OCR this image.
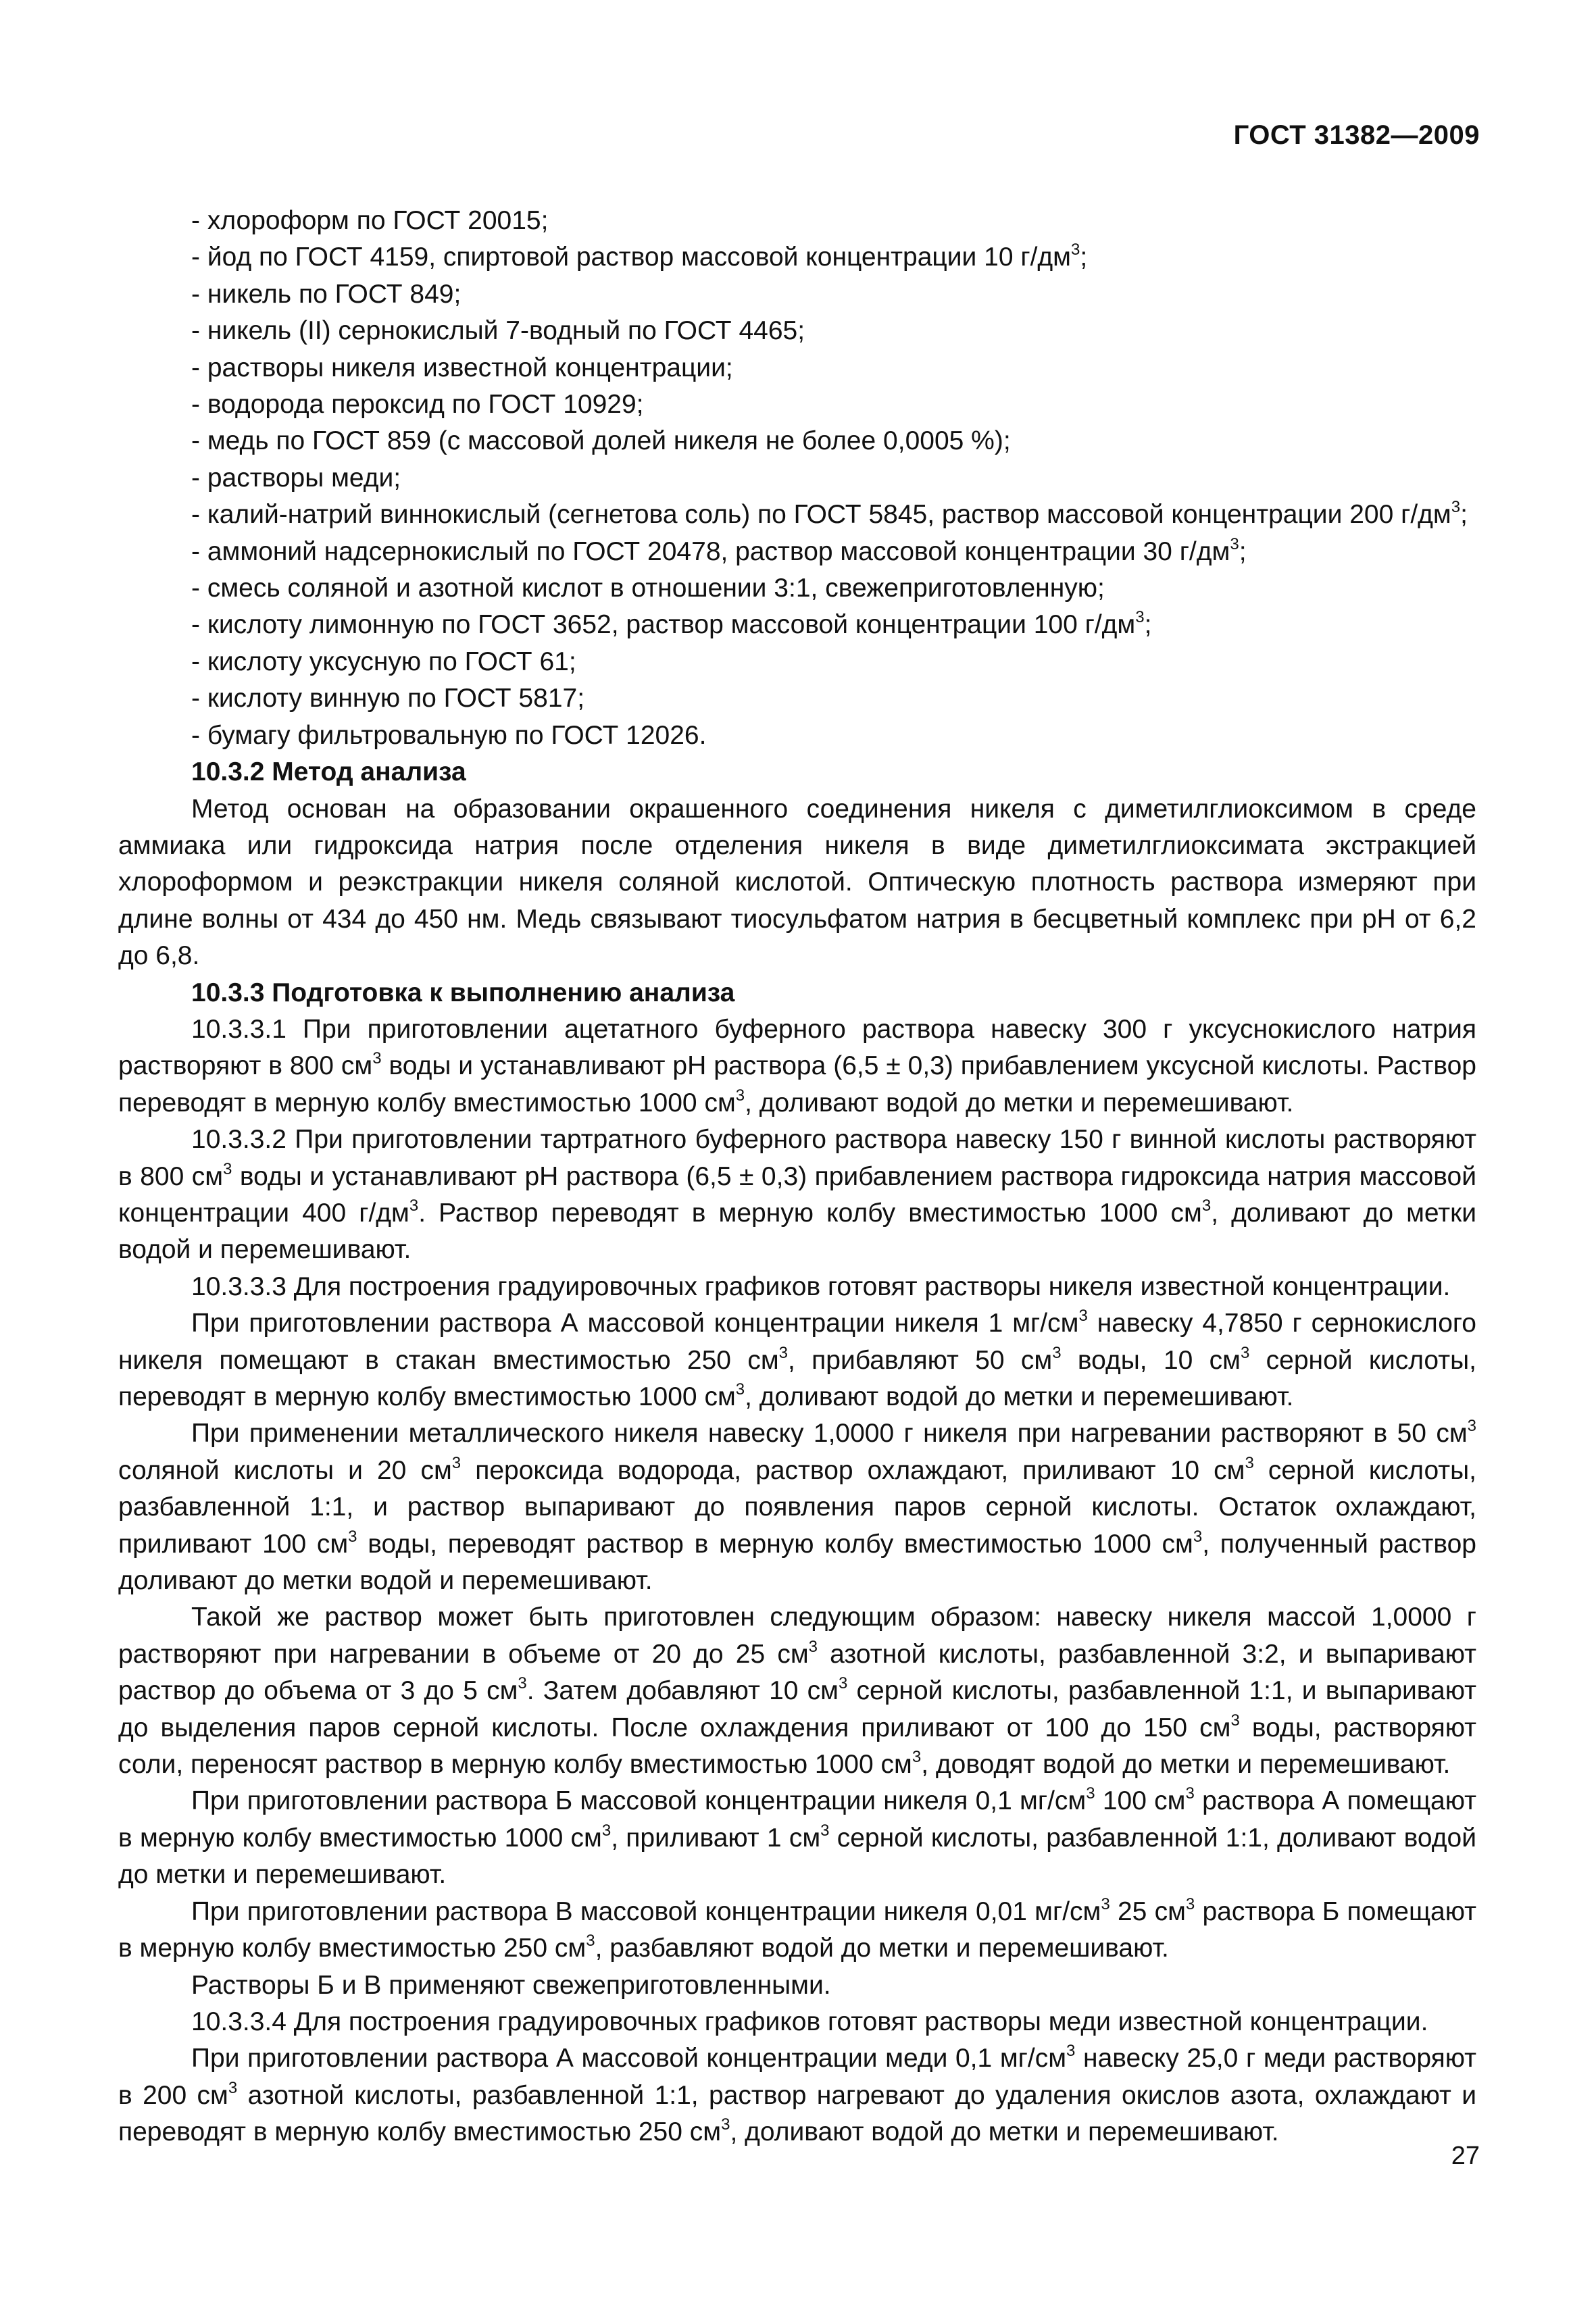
ГОСТ 31382—2009

- хлороформ по ГОСТ 20015;

- йод по ГОСТ 4159, спиртовой раствор массовой концентрации 10 $г/дм^3$;

- никель по ГОСТ 849;

- никель (II) сернокислый 7-водный по ГОСТ 4465;

- растворы никеля известной концентрации;

- водорода пероксид по ГОСТ 10929;

- медь по ГОСТ 859 (с массовой долей никеля не более 0,0005 %);

- растворы меди;

- калий-натрий виннокислый (сегнетова соль) по ГОСТ 5845, раствор массовой концентрации 200 $г/дм^3$;

- аммоний надсернокислый по ГОСТ 20478, раствор массовой концентрации 30 $г/дм^3$;

- смесь соляной и азотной кислот в отношении 3:1, свежеприготовленную;

- кислоту лимонную по ГОСТ 3652, раствор массовой концентрации 100 $г/дм^3$;

- кислоту уксусную по ГОСТ 61;

- кислоту винную по ГОСТ 5817;

- бумагу фильтровальную по ГОСТ 12026.

10.3.2 Метод анализа

Метод основан на образовании окрашенного соединения никеля с диметилглиоксимом в среде аммиака или гидроксида натрия после отделения никеля в виде диметилглиоксимата экстракцией хлороформом и реэкстракции никеля соляной кислотой. Оптическую плотность раствора измеряют при длине волны от 434 до 450 нм. Медь связывают тиосульфатом натрия в бесцветный комплекс при рН от 6,2 до 6,8.

10.3.3 Подготовка к выполнению анализа

10.3.3.1 При приготовлении ацетатного буферного раствора навеску 300 г уксуснокислого натрия растворяют в 800 $см^3$ воды и устанавливают рН раствора (6,5 ± 0,3) прибавлением уксусной кислоты. Раствор переводят в мерную колбу вместимостью 1000 $см^3$, доливают водой до метки и перемешивают.

10.3.3.2 При приготовлении тартратного буферного раствора навеску 150 г винной кислоты растворяют в 800 $см^3$ воды и устанавливают рН раствора (6,5 ± 0,3) прибавлением раствора гидроксида натрия массовой концентрации 400 $г/дм^3$. Раствор переводят в мерную колбу вместимостью 1000 $см^3$, доливают до метки водой и перемешивают.

10.3.3.3 Для построения градуировочных графиков готовят растворы никеля известной концентрации.

При приготовлении раствора А массовой концентрации никеля 1 $мг/см^3$ навеску 4,7850 г сернокислого никеля помещают в стакан вместимостью 250 $см^3$, прибавляют 50 $см^3$ воды, 10 $см^3$ серной кислоты, переводят в мерную колбу вместимостью 1000 $см^3$, доливают водой до метки и перемешивают.

При применении металлического никеля навеску 1,0000 г никеля при нагревании растворяют в 50 $см^3$ соляной кислоты и 20 $см^3$ пероксида водорода, раствор охлаждают, приливают 10 $см^3$ серной кислоты, разбавленной 1:1, и раствор выпаривают до появления паров серной кислоты. Остаток охлаждают, приливают 100 $см^3$ воды, переводят раствор в мерную колбу вместимостью 1000 $см^3$, полученный раствор доливают до метки водой и перемешивают.

Такой же раствор может быть приготовлен следующим образом: навеску никеля массой 1,0000 г растворяют при нагревании в объеме от 20 до 25 $см^3$ азотной кислоты, разбавленной 3:2, и выпаривают раствор до объема от 3 до 5 $см^3$. Затем добавляют 10 $см^3$ серной кислоты, разбавленной 1:1, и выпаривают до выделения паров серной кислоты. После охлаждения приливают от 100 до 150 $см^3$ воды, растворяют соли, переносят раствор в мерную колбу вместимостью 1000 $см^3$, доводят водой до метки и перемешивают.

При приготовлении раствора Б массовой концентрации никеля 0,1 $мг/см^3$ 100 $см^3$ раствора А помещают в мерную колбу вместимостью 1000 $см^3$, приливают 1 $см^3$ серной кислоты, разбавленной 1:1, доливают водой до метки и перемешивают.

При приготовлении раствора В массовой концентрации никеля 0,01 $мг/см^3$ 25 $см^3$ раствора Б помещают в мерную колбу вместимостью 250 $см^3$, разбавляют водой до метки и перемешивают.

Растворы Б и В применяют свежеприготовленными.

10.3.3.4 Для построения градуировочных графиков готовят растворы меди известной концентрации.

При приготовлении раствора А массовой концентрации меди 0,1 $мг/см^3$ навеску 25,0 г меди растворяют в 200 $см^3$ азотной кислоты, разбавленной 1:1, раствор нагревают до удаления окислов азота, охлаждают и переводят в мерную колбу вместимостью 250 $см^3$, доливают водой до метки и перемешивают.

27
